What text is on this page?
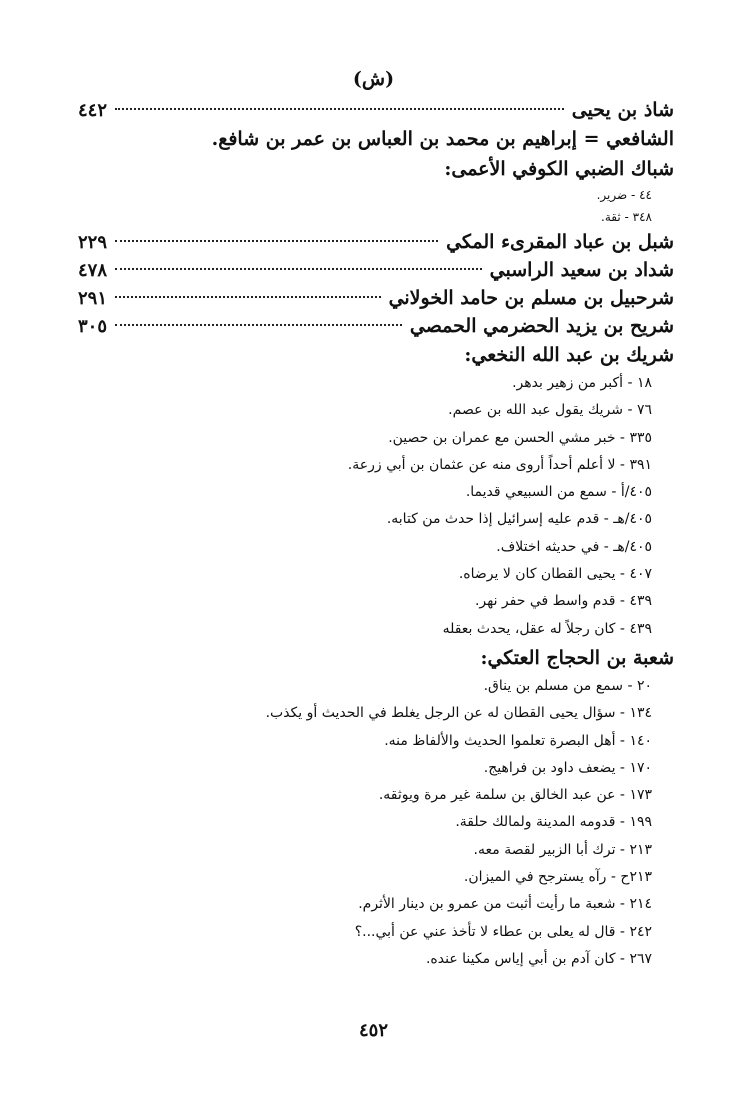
(ش)
شاذ بن يحيى
٤٤٢
الشافعي = إبراهيم بن محمد بن العباس بن عمر بن شافع.
شباك الضبي الكوفي الأعمى:
٤٤ - ضرير.
٣٤٨ - ثقة.
شبل بن عباد المقرىء المكي
٢٢٩
شداد بن سعيد الراسبي
٤٧٨
شرحبيل بن مسلم بن حامد الخولاني
٢٩١
شريح بن يزيد الحضرمي الحمصي
٣٠٥
شريك بن عبد الله النخعي:
١٨ - أكبر من زهير بدهر.
٧٦ - شريك يقول عبد الله بن عصم.
٣٣٥ - خبر مشي الحسن مع عمران بن حصين.
٣٩١ - لا أعلم أحداً أروى منه عن عثمان بن أبي زرعة.
٤٠٥/أ - سمع من السبيعي قديما.
٤٠٥/هـ - قدم عليه إسرائيل إذا حدث من كتابه.
٤٠٥/هـ - في حديثه اختلاف.
٤٠٧ - يحيى القطان كان لا يرضاه.
٤٣٩ - قدم واسط في حفر نهر.
٤٣٩ - كان رجلاً له عقل، يحدث بعقله
شعبة بن الحجاج العتكي:
٢٠ - سمع من مسلم بن يناق.
١٣٤ - سؤال يحيى القطان له عن الرجل يغلط في الحديث أو يكذب.
١٤٠ - أهل البصرة تعلموا الحديث والألفاظ منه.
١٧٠ - يضعف داود بن فراهيج.
١٧٣ - عن عبد الخالق بن سلمة غير مرة ويوثقه.
١٩٩ - قدومه المدينة ولمالك حلقة.
٢١٣ - ترك أبا الزبير لقصة معه.
٢١٣ح - رآه يسترجح في الميزان.
٢١٤ - شعبة ما رأيت أثبت من عمرو بن دينار الأثرم.
٢٤٢ - قال له يعلى بن عطاء لا تأخذ عني عن أبي...؟
٢٦٧ - كان آدم بن أبي إياس مكينا عنده.
٤٥٢
